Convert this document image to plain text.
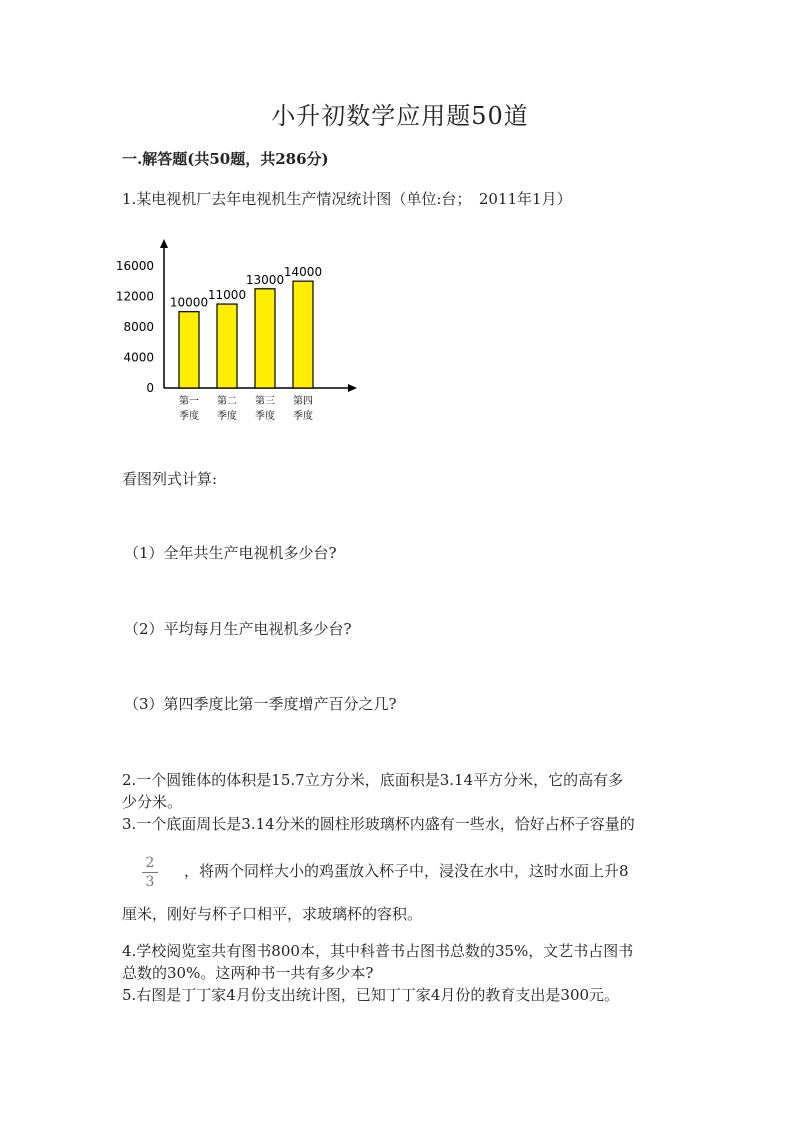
小升初数学应用题50道
一.解答题(共50题，共286分)
1.某电视机厂去年电视机生产情况统计图（单位:台；　2011年1月）
0
4000
8000
12000
16000
10000
第一
季度
11000
第二
季度
13000
第三
季度
14000
第四
季度
看图列式计算:
（1）全年共生产电视机多少台?
（2）平均每月生产电视机多少台?
（3）第四季度比第一季度增产百分之几?
2.一个圆锥体的体积是15.7立方分米，底面积是3.14平方分米，它的高有多
少分米。
3.一个底面周长是3.14分米的圆柱形玻璃杯内盛有一些水，恰好占杯子容量的
2
3
，将两个同样大小的鸡蛋放入杯子中，浸没在水中，这时水面上升8
厘米，刚好与杯子口相平，求玻璃杯的容积。
4.学校阅览室共有图书800本，其中科普书占图书总数的35%，文艺书占图书
总数的30%。这两种书一共有多少本?
5.右图是丁丁家4月份支出统计图，已知丁丁家4月份的教育支出是300元。
